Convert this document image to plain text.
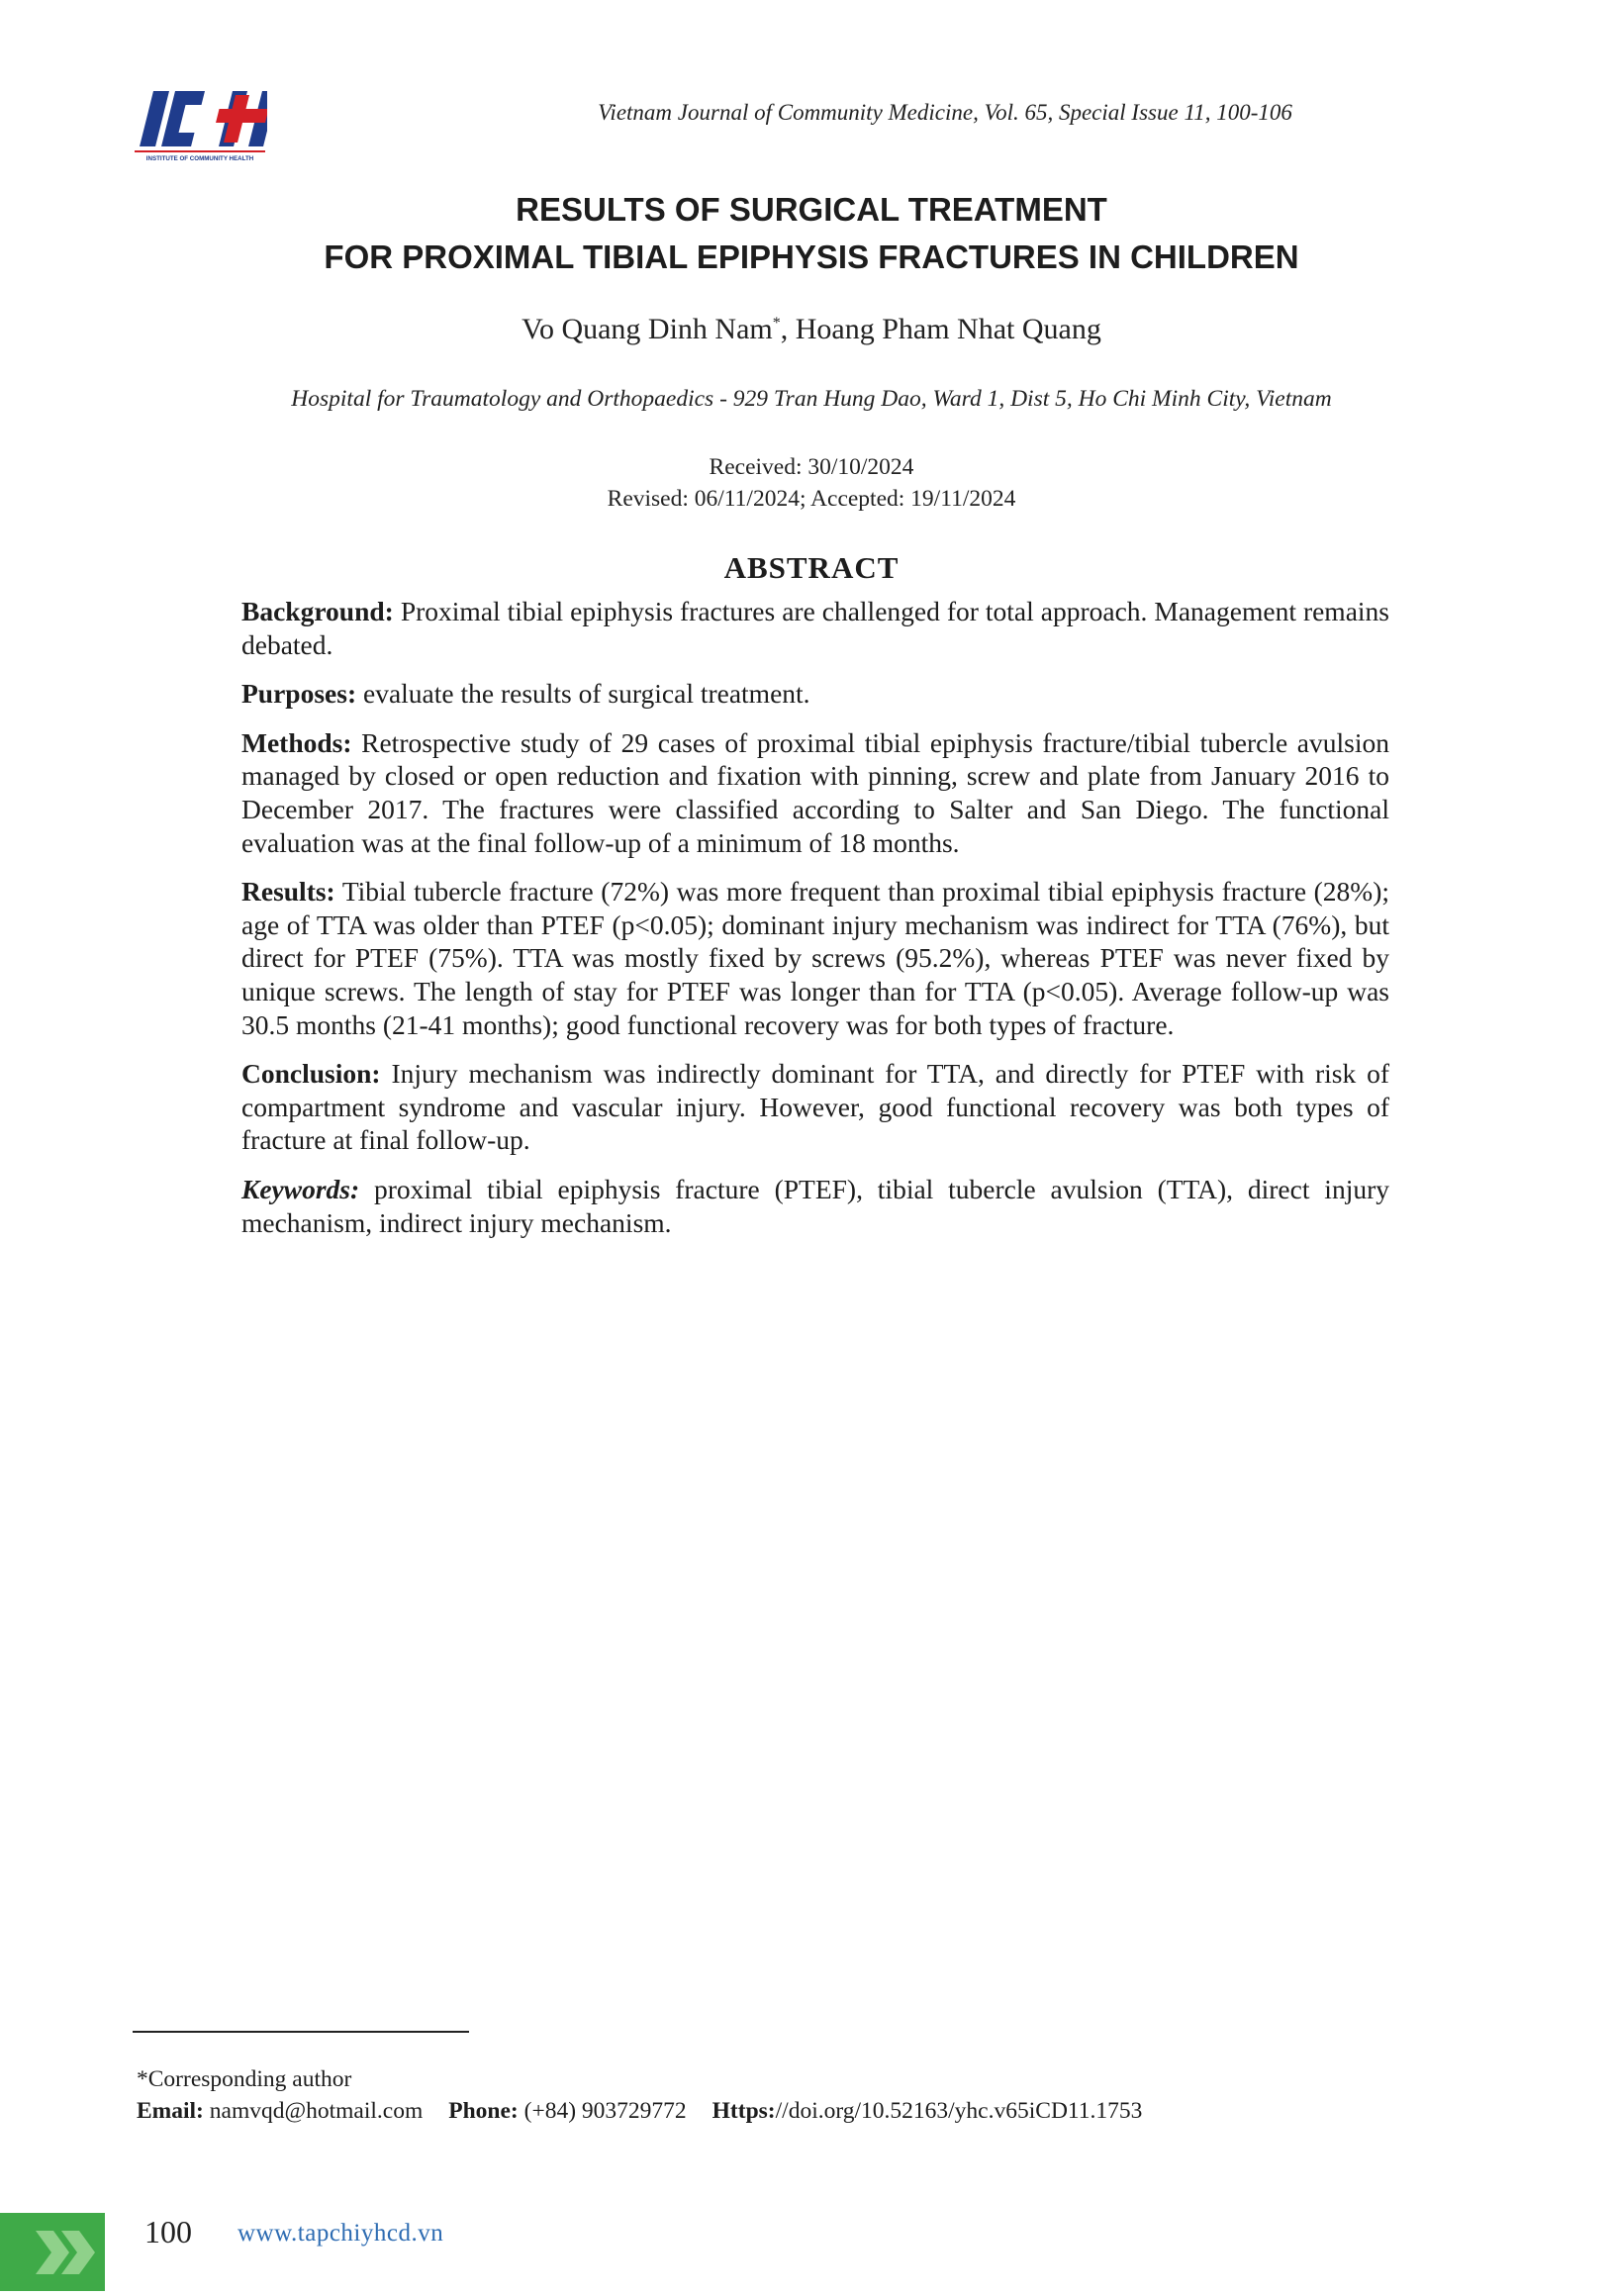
INSTITUTE OF COMMUNITY HEALTH
Vietnam Journal of Community Medicine, Vol. 65, Special Issue 11, 100-106
RESULTS OF SURGICAL TREATMENT
FOR PROXIMAL TIBIAL EPIPHYSIS FRACTURES IN CHILDREN
Vo Quang Dinh Nam*, Hoang Pham Nhat Quang
Hospital for Traumatology and Orthopaedics - 929 Tran Hung Dao, Ward 1, Dist 5, Ho Chi Minh City, Vietnam
Received: 30/10/2024
Revised: 06/11/2024; Accepted: 19/11/2024
ABSTRACT

Background: Proximal tibial epiphysis fractures are challenged for total approach. Management remains debated.

Purposes: evaluate the results of surgical treatment.

Methods: Retrospective study of 29 cases of proximal tibial epiphysis fracture/tibial tubercle avulsion managed by closed or open reduction and fixation with pinning, screw and plate from January 2016 to December 2017. The fractures were classified according to Salter and San Diego. The functional evaluation was at the final follow-up of a minimum of 18 months.

Results: Tibial tubercle fracture (72%) was more frequent than proximal tibial epiphysis fracture (28%); age of TTA was older than PTEF (p<0.05); dominant injury mechanism was indirect for TTA (76%), but direct for PTEF (75%). TTA was mostly fixed by screws (95.2%), whereas PTEF was never fixed by unique screws. The length of stay for PTEF was longer than for TTA (p<0.05). Average follow-up was 30.5 months (21-41 months); good functional recovery was for both types of fracture.

Conclusion: Injury mechanism was indirectly dominant for TTA, and directly for PTEF with risk of compartment syndrome and vascular injury. However, good functional recovery was both types of fracture at final follow-up.

Keywords: proximal tibial epiphysis fracture (PTEF), tibial tubercle avulsion (TTA), direct injury mechanism, indirect injury mechanism.

*Corresponding author
Email: namvqd@hotmail.com Phone: (+84) 903729772 Https://doi.org/10.52163/yhc.v65iCD11.1753
100 www.tapchiyhcd.vn
